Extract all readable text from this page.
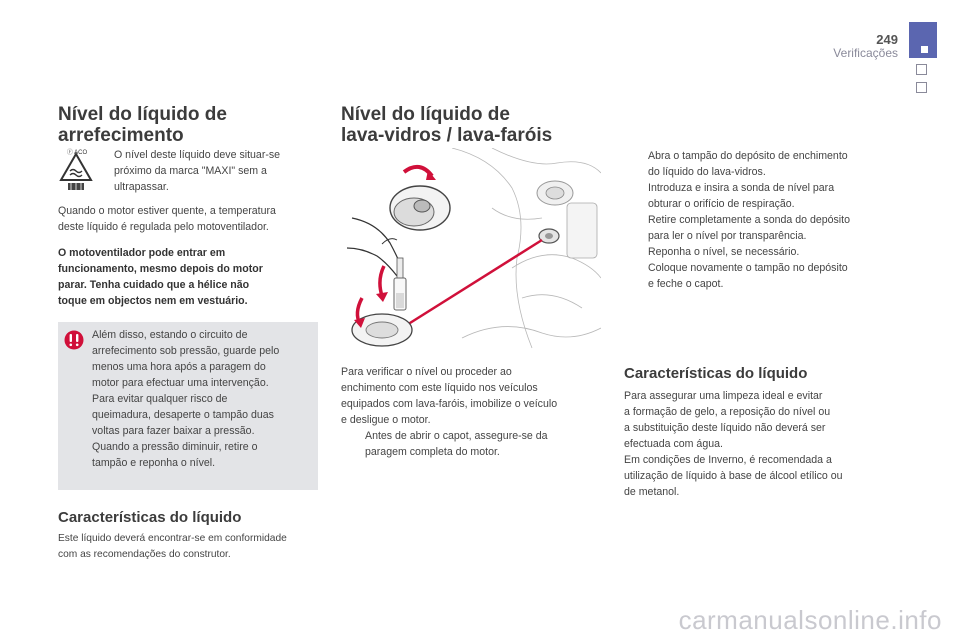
249
Verificações
Nível do líquido de
arrefecimento
Ⓕ ACO	O nível deste líquido deve situar-se

próximo da marca "MAXI" sem a

ultrapassar.

Quando o motor estiver quente, a temperatura

deste líquido é regulada pelo motoventilador.

O motoventilador pode entrar em

funcionamento, mesmo depois do motor

parar. Tenha cuidado que a hélice não

toque em objectos nem em vestuário.

Além disso, estando o circuito de

arrefecimento sob pressão, guarde pelo

menos uma hora após a paragem do

motor para efectuar uma intervenção.

Para evitar qualquer risco de

queimadura, desaperte o tampão duas

voltas para fazer baixar a pressão.

Quando a pressão diminuir, retire o

tampão e reponha o nível.

Características do líquido

Este líquido deverá encontrar-se em conformidade

com as recomendações do construtor.

Nível do líquido de
lava-vidros / lava-faróis

Para verificar o nível ou proceder ao

enchimento com este líquido nos veículos

equipados com lava-faróis, imobilize o veículo

e desligue o motor.

Antes de abrir o capot, assegure-se da
paragem completa do motor.
Abra o tampão do depósito de enchimento
do líquido do lava-vidros.
Introduza e insira a sonda de nível para
obturar o orifício de respiração.
Retire completamente a sonda do depósito
para ler o nível por transparência.
Reponha o nível, se necessário.
Coloque novamente o tampão no depósito
e feche o capot.
Características do líquido

Para assegurar uma limpeza ideal e evitar

a formação de gelo, a reposição do nível ou

a substituição deste líquido não deverá ser

efectuada com água.

Em condições de Inverno, é recomendada a

utilização de líquido à base de álcool etílico ou

de metanol.

carmanualsonline.info
